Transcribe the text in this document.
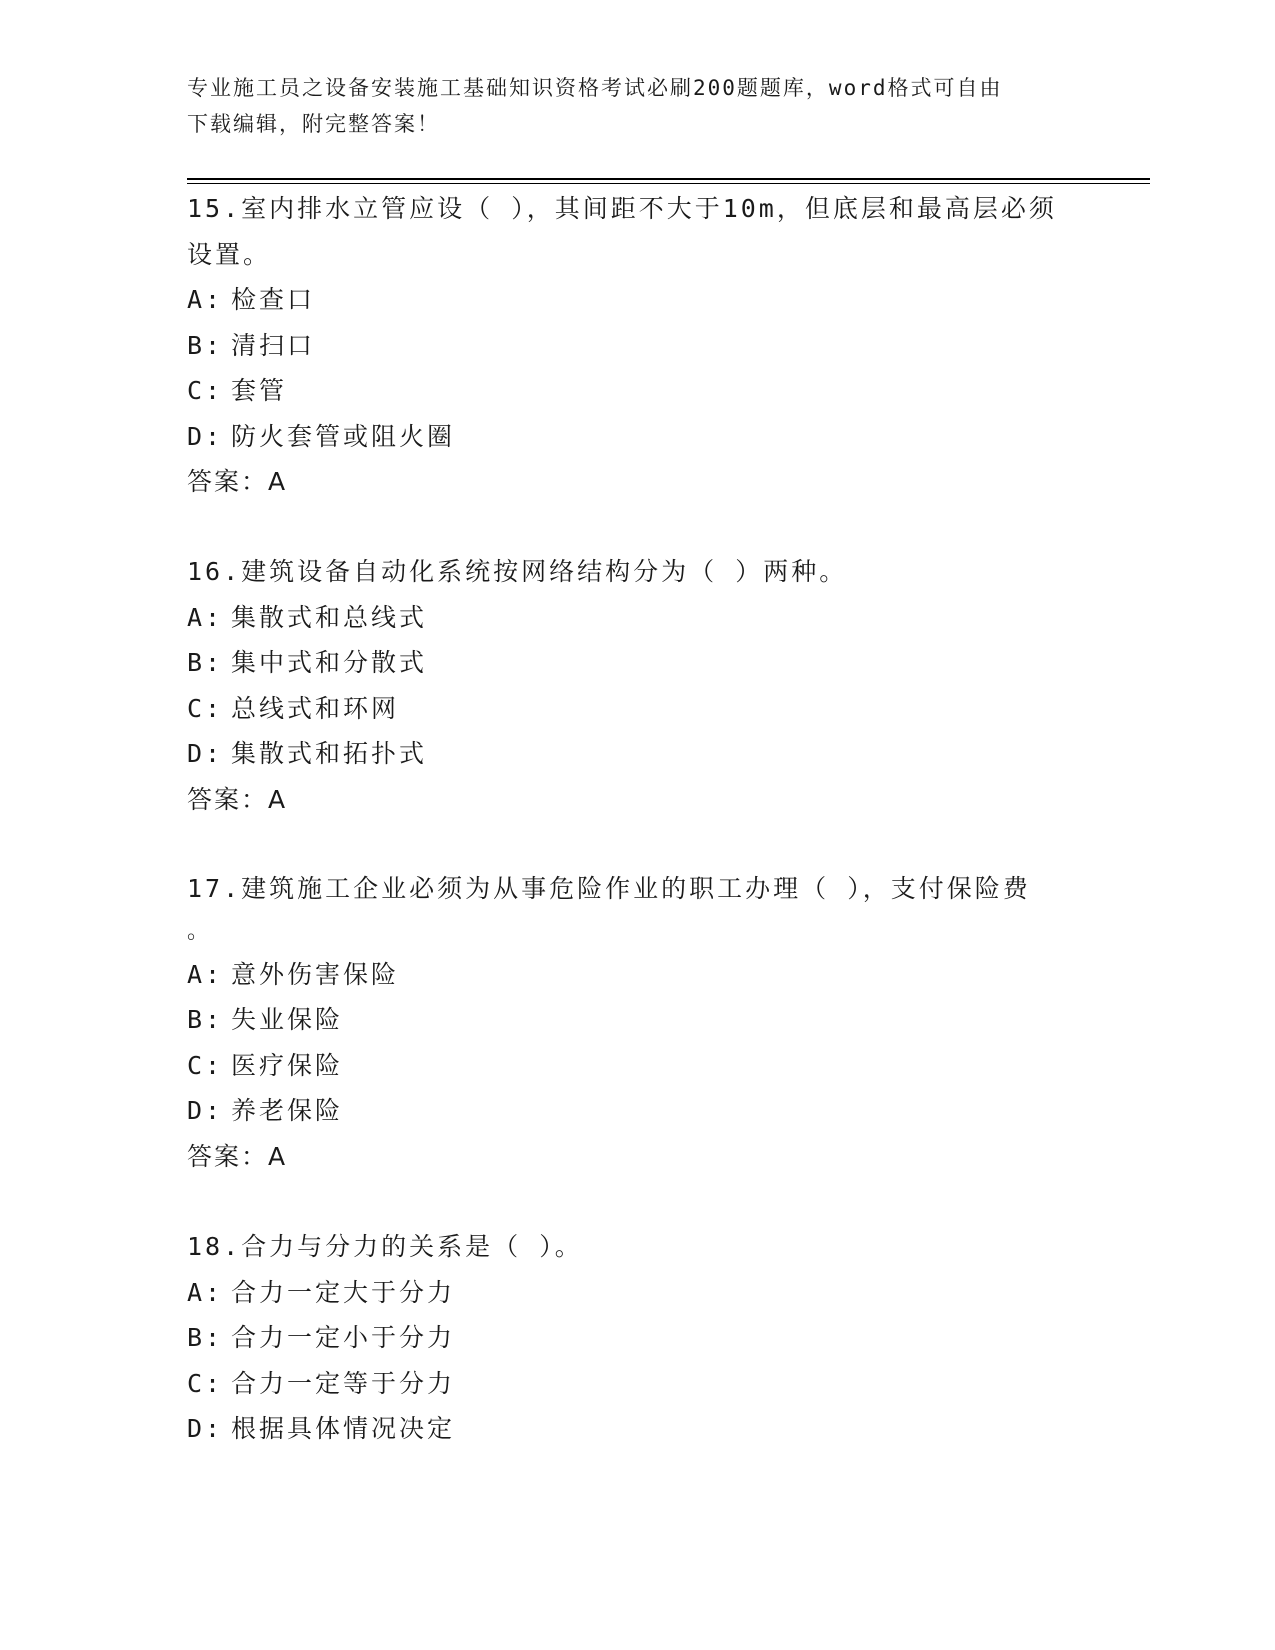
专业施工员之设备安装施工基础知识资格考试必刷200题题库，word格式可自由
下载编辑，附完整答案！
15.室内排水立管应设（ ），其间距不大于10m，但底层和最高层必须
设置。
A: 检查口
B: 清扫口
C: 套管
D: 防火套管或阻火圈
答案：A
16.建筑设备自动化系统按网络结构分为（ ）两种。
A: 集散式和总线式
B: 集中式和分散式
C: 总线式和环网
D: 集散式和拓扑式
答案：A
17.建筑施工企业必须为从事危险作业的职工办理（ ），支付保险费
。
A: 意外伤害保险
B: 失业保险
C: 医疗保险
D: 养老保险
答案：A
18.合力与分力的关系是（ ）。
A: 合力一定大于分力
B: 合力一定小于分力
C: 合力一定等于分力
D: 根据具体情况决定
